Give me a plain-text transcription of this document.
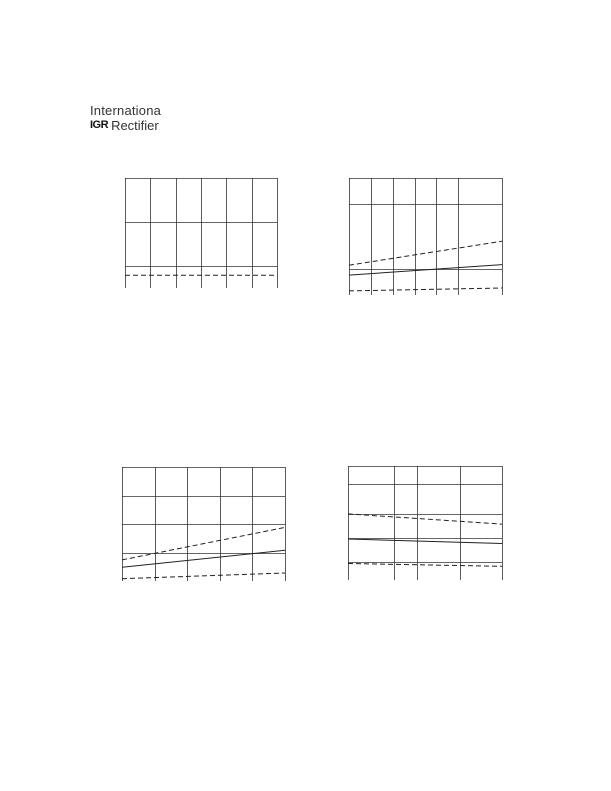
Internationa
IGR Rectifier
